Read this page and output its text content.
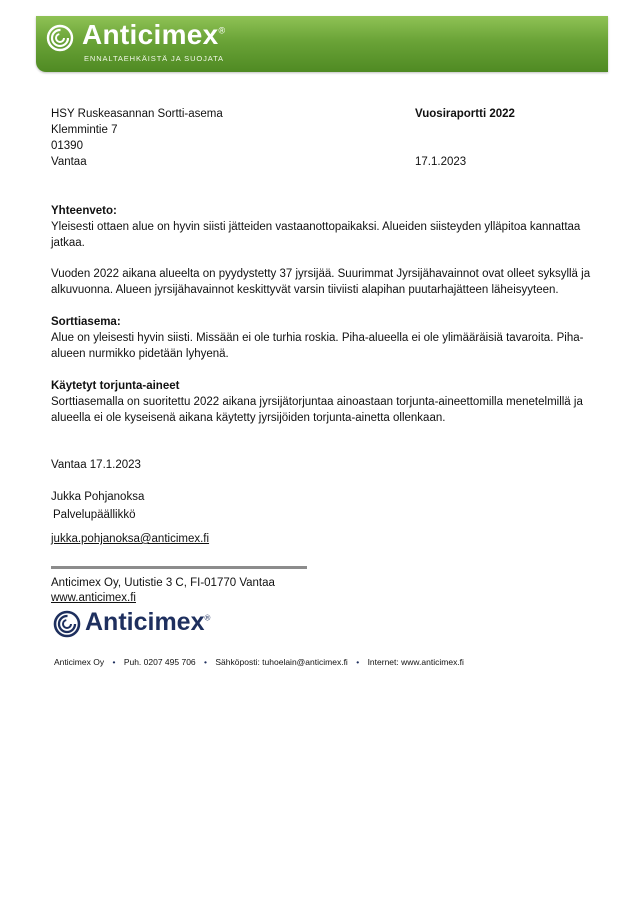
Anticimex®
ENNALTAEHKÄISTÄ JA SUOJATA
HSY Ruskeasannan Sortti-asema
Klemmintie 7
01390
Vantaa
Vuosiraportti 2022
17.1.2023
Yhteenveto:
Yleisesti ottaen alue on hyvin siisti jätteiden vastaanottopaikaksi. Alueiden siisteyden ylläpitoa kannattaa jatkaa.
Vuoden 2022 aikana alueelta on pyydystetty 37 jyrsijää. Suurimmat Jyrsijähavainnot ovat olleet syksyllä ja alkuvuonna. Alueen jyrsijähavainnot keskittyvät varsin tiiviisti alapihan puutarhajätteen läheisyyteen.
Sorttiasema:
Alue on yleisesti hyvin siisti. Missään ei ole turhia roskia. Piha-alueella ei ole ylimääräisiä tavaroita. Piha-alueen nurmikko pidetään lyhyenä.
Käytetyt torjunta-aineet
Sorttiasemalla on suoritettu 2022 aikana jyrsijätorjuntaa ainoastaan torjunta-aineettomilla menetelmillä ja alueella ei ole kyseisenä aikana käytetty jyrsijöiden torjunta-ainetta ollenkaan.
Vantaa 17.1.2023
Jukka Pohjanoksa
Palvelupäällikkö
jukka.pohjanoksa@anticimex.fi
Anticimex Oy, Uutistie 3 C, FI-01770 Vantaa
www.anticimex.fi
Anticimex®
Anticimex Oy • Puh. 0207 495 706 • Sähköposti: tuhoelain@anticimex.fi • Internet: www.anticimex.fi
